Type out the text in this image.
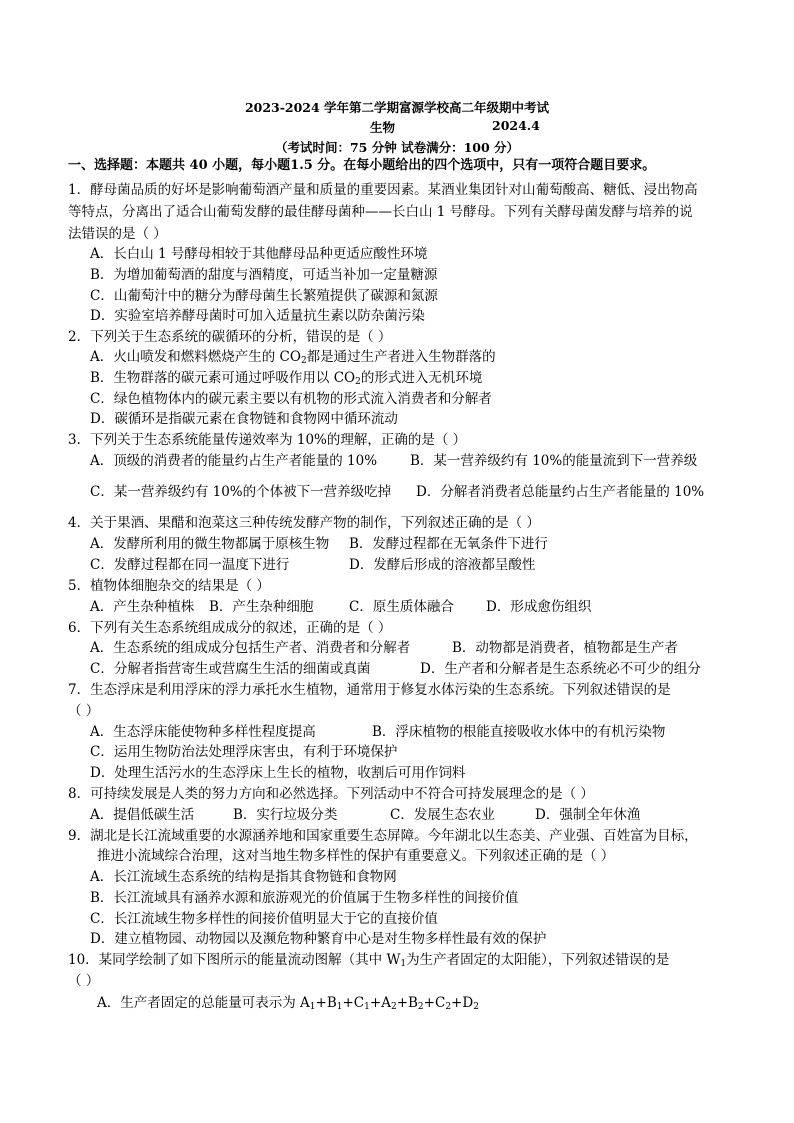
2023-2024 学年第二学期富源学校高二年级期中考试
生物	2024.4
（考试时间：75 分钟 试卷满分：100 分）
一、选择题：本题共 40 小题，每小题1.5 分。在每小题给出的四个选项中，只有一项符合题目要求。
1．酵母菌品质的好坏是影响葡萄酒产量和质量的重要因素。某酒业集团针对山葡萄酸高、糖低、浸出物高
等特点，分离出了适合山葡萄发酵的最佳酵母菌种——长白山 1 号酵母。下列有关酵母菌发酵与培养的说
法错误的是（ ）
A．长白山 1 号酵母相较于其他酵母品种更适应酸性环境
B．为增加葡萄酒的甜度与酒精度，可适当补加一定量糖源
C．山葡萄汁中的糖分为酵母菌生长繁殖提供了碳源和氮源
D．实验室培养酵母菌时可加入适量抗生素以防杂菌污染
2．下列关于生态系统的碳循环的分析，错误的是（ ）
A．火山喷发和燃料燃烧产生的 $CO_2$都是通过生产者进入生物群落的
B．生物群落的碳元素可通过呼吸作用以 $CO_2$的形式进入无机环境
C．绿色植物体内的碳元素主要以有机物的形式流入消费者和分解者
D．碳循环是指碳元素在食物链和食物网中循环流动
3．下列关于生态系统能量传递效率为 10%的理解，正确的是（ ）
A．顶级的消费者的能量约占生产者能量的 10% B．某一营养级约有 10%的能量流到下一营养级
C．某一营养级约有 10%的个体被下一营养级吃掉 D．分解者消费者总能量约占生产者能量的 10%
4．关于果酒、果醋和泡菜这三种传统发酵产物的制作，下列叙述正确的是（ ）
A．发酵所利用的微生物都属于原核生物 B．发酵过程都在无氧条件下进行
C．发酵过程都在同一温度下进行	D．发酵后形成的溶液都呈酸性
5．植物体细胞杂交的结果是（ ）
A．产生杂种植株 B．产生杂种细胞	C．原生质体融合 D．形成愈伤组织
6．下列有关生态系统组成成分的叙述，正确的是（ ）
A．生态系统的组成成分包括生产者、消费者和分解者	B．动物都是消费者，植物都是生产者
C．分解者指营寄生或营腐生生活的细菌或真菌	D．生产者和分解者是生态系统必不可少的组分
7．生态浮床是利用浮床的浮力承托水生植物，通常用于修复水体污染的生态系统。下列叙述错误的是
（ ）
A．生态浮床能使物种多样性程度提高	B．浮床植物的根能直接吸收水体中的有机污染物
C．运用生物防治法处理浮床害虫，有利于环境保护
D．处理生活污水的生态浮床上生长的植物，收割后可用作饲料
8．可持续发展是人类的努力方向和必然选择。下列活动中不符合可持发展理念的是（ ）
A．提倡低碳生活	B．实行垃圾分类	C．发展生态农业	D．强制全年休渔
9．湖北是长江流域重要的水源涵养地和国家重要生态屏障。今年湖北以生态美、产业强、百姓富为目标，
推进小流域综合治理，这对当地生物多样性的保护有重要意义。下列叙述正确的是（ ）
A．长江流域生态系统的结构是指其食物链和食物网
B．长江流域具有涵养水源和旅游观光的价值属于生物多样性的间接价值
C．长江流域生物多样性的间接价值明显大于它的直接价值
D．建立植物园、动物园以及濒危物种繁育中心是对生物多样性最有效的保护
10．某同学绘制了如下图所示的能量流动图解（其中 $W_1$为生产者固定的太阳能），下列叙述错误的是
（ ）
A．生产者固定的总能量可表示为 $A_1+B_1+C_1+A_2+B_2+C_2+D_2$
